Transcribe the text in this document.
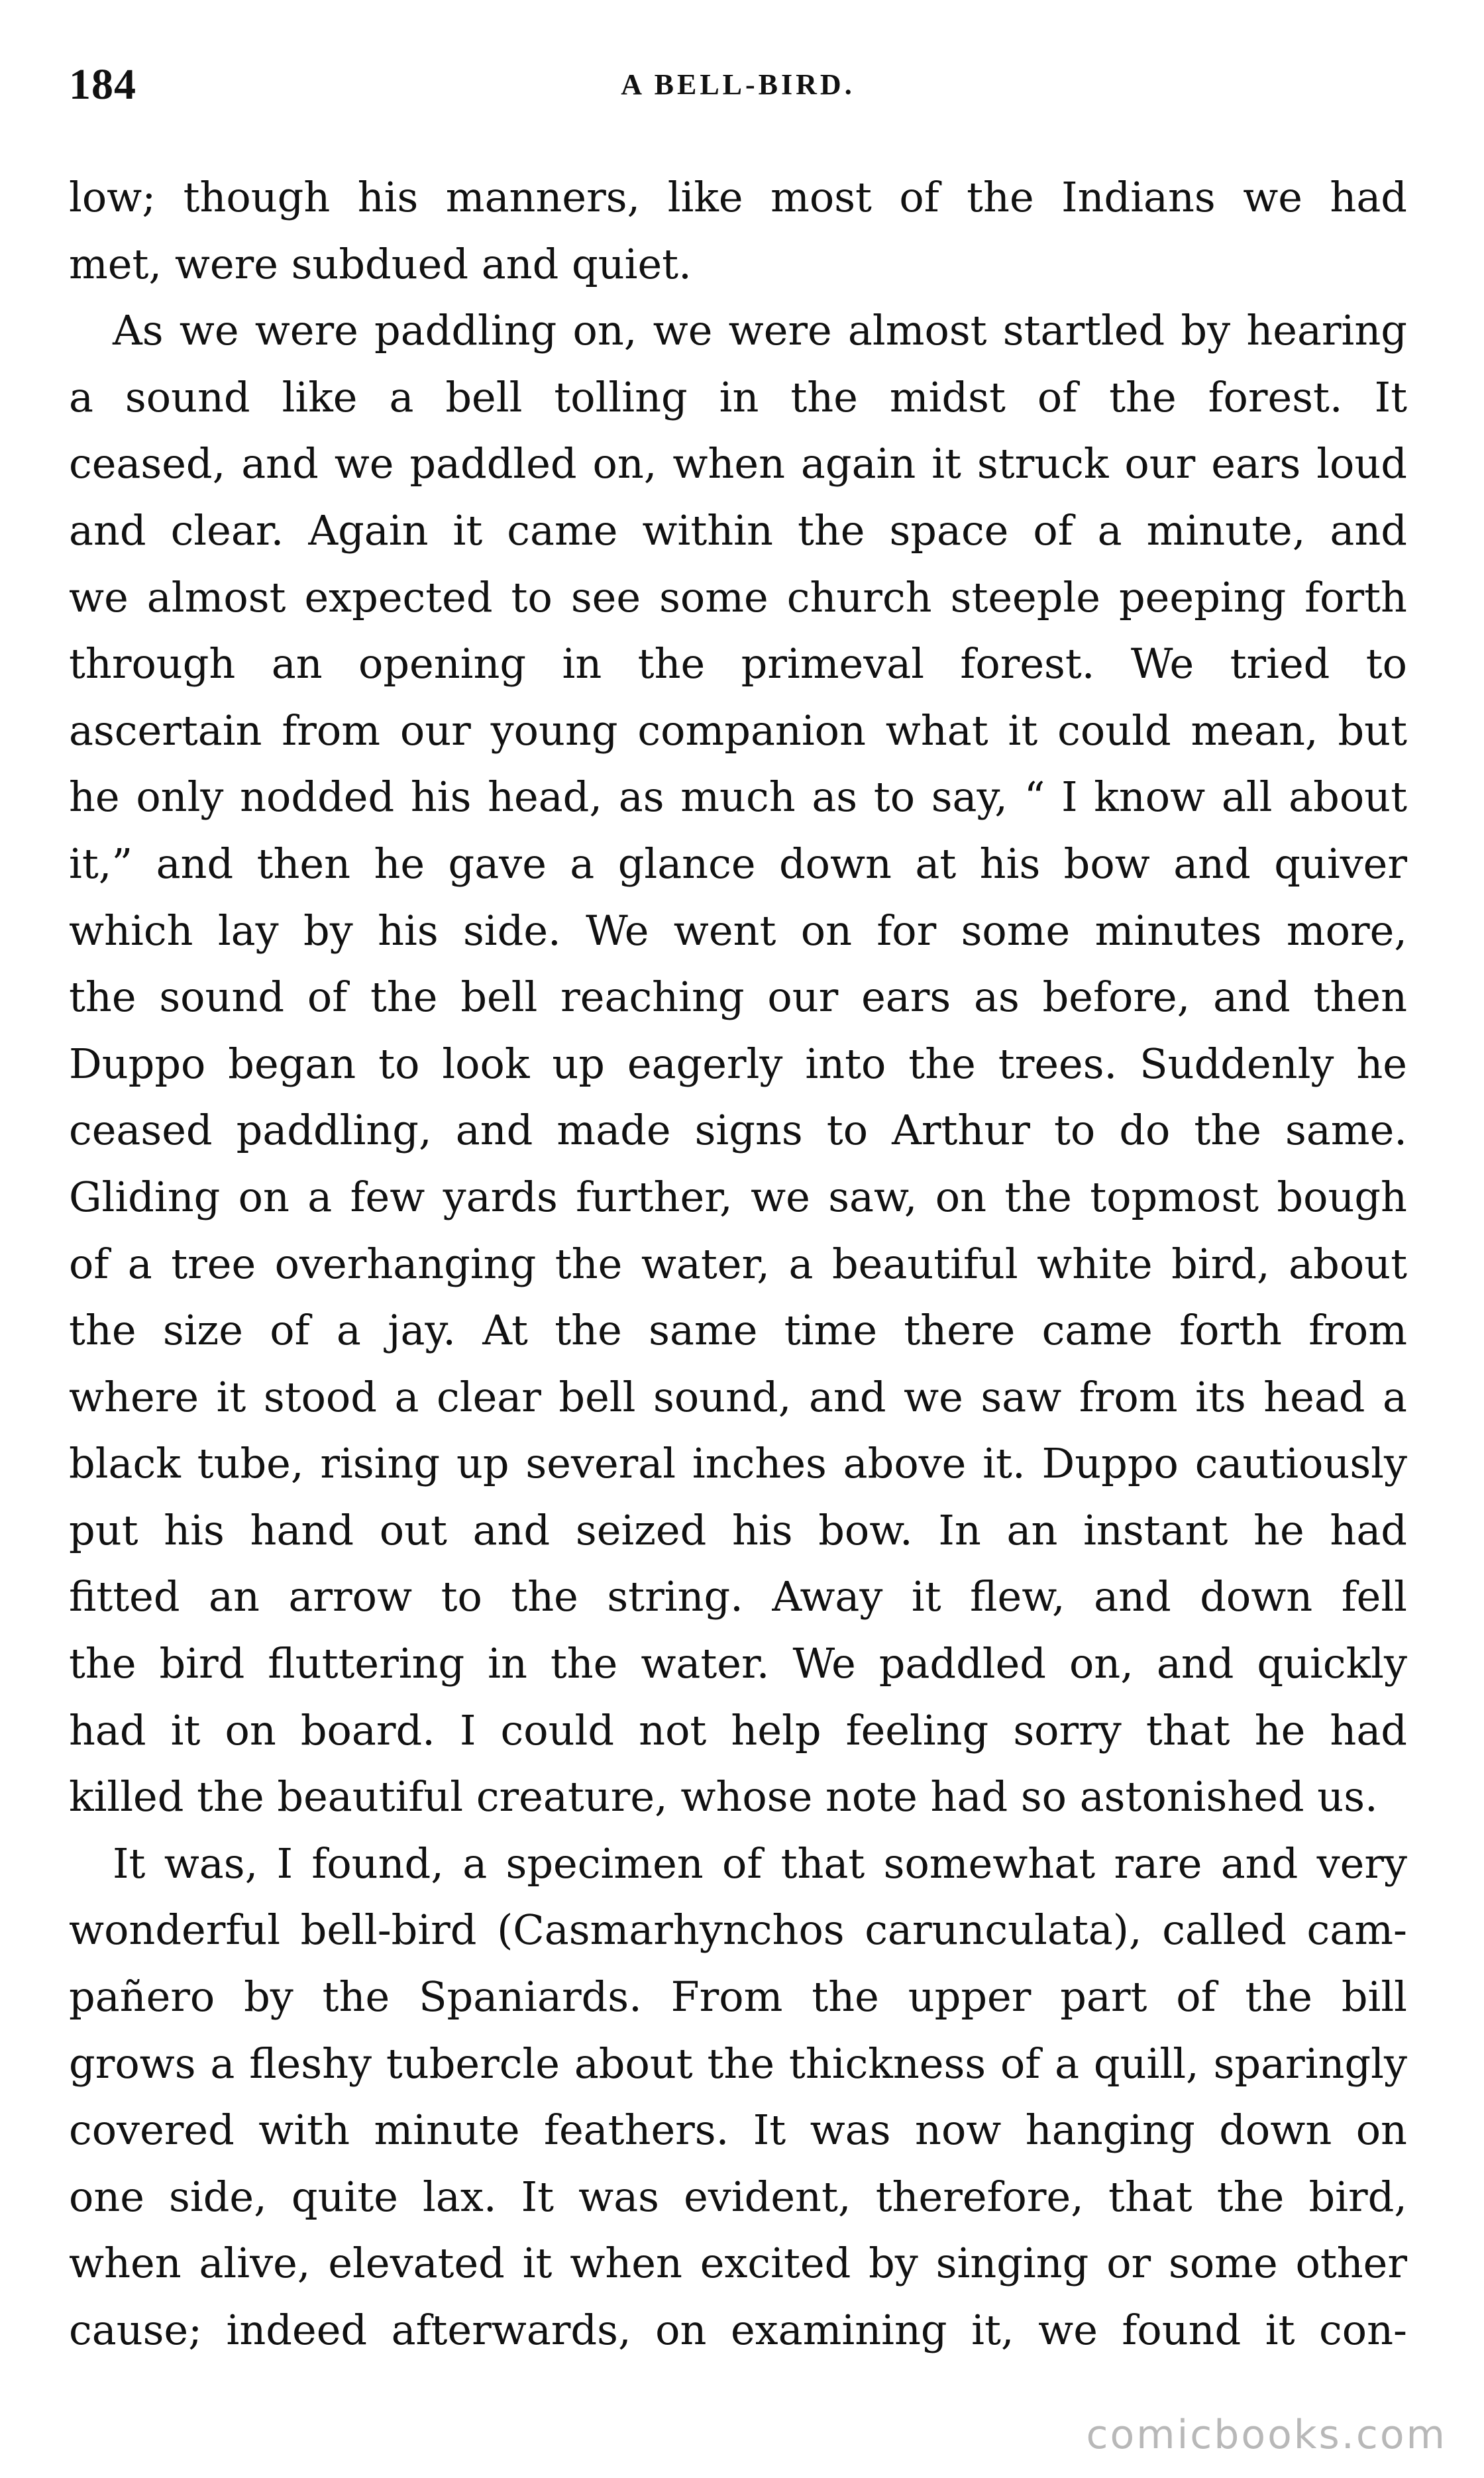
184	A BELL-BIRD.
low; though his manners, like most of the Indians we had
met, were subdued and quiet.
As we were paddling on, we were almost startled by hearing
a sound like a bell tolling in the midst of the forest. It
ceased, and we paddled on, when again it struck our ears loud
and clear. Again it came within the space of a minute, and
we almost expected to see some church steeple peeping forth
through an opening in the primeval forest. We tried to
ascertain from our young companion what it could mean, but
he only nodded his head, as much as to say, “ I know all about
it,” and then he gave a glance down at his bow and quiver
which lay by his side. We went on for some minutes more,
the sound of the bell reaching our ears as before, and then
Duppo began to look up eagerly into the trees. Suddenly he
ceased paddling, and made signs to Arthur to do the same.
Gliding on a few yards further, we saw, on the topmost bough
of a tree overhanging the water, a beautiful white bird, about
the size of a jay. At the same time there came forth from
where it stood a clear bell sound, and we saw from its head a
black tube, rising up several inches above it. Duppo cautiously
put his hand out and seized his bow. In an instant he had
fitted an arrow to the string. Away it flew, and down fell
the bird fluttering in the water. We paddled on, and quickly
had it on board. I could not help feeling sorry that he had
killed the beautiful creature, whose note had so astonished us.
It was, I found, a specimen of that somewhat rare and very
wonderful bell-bird (Casmarhynchos carunculata), called cam-
pañero by the Spaniards. From the upper part of the bill
grows a fleshy tubercle about the thickness of a quill, sparingly
covered with minute feathers. It was now hanging down on
one side, quite lax. It was evident, therefore, that the bird,
when alive, elevated it when excited by singing or some other
cause; indeed afterwards, on examining it, we found it con-
comicbooks.com
